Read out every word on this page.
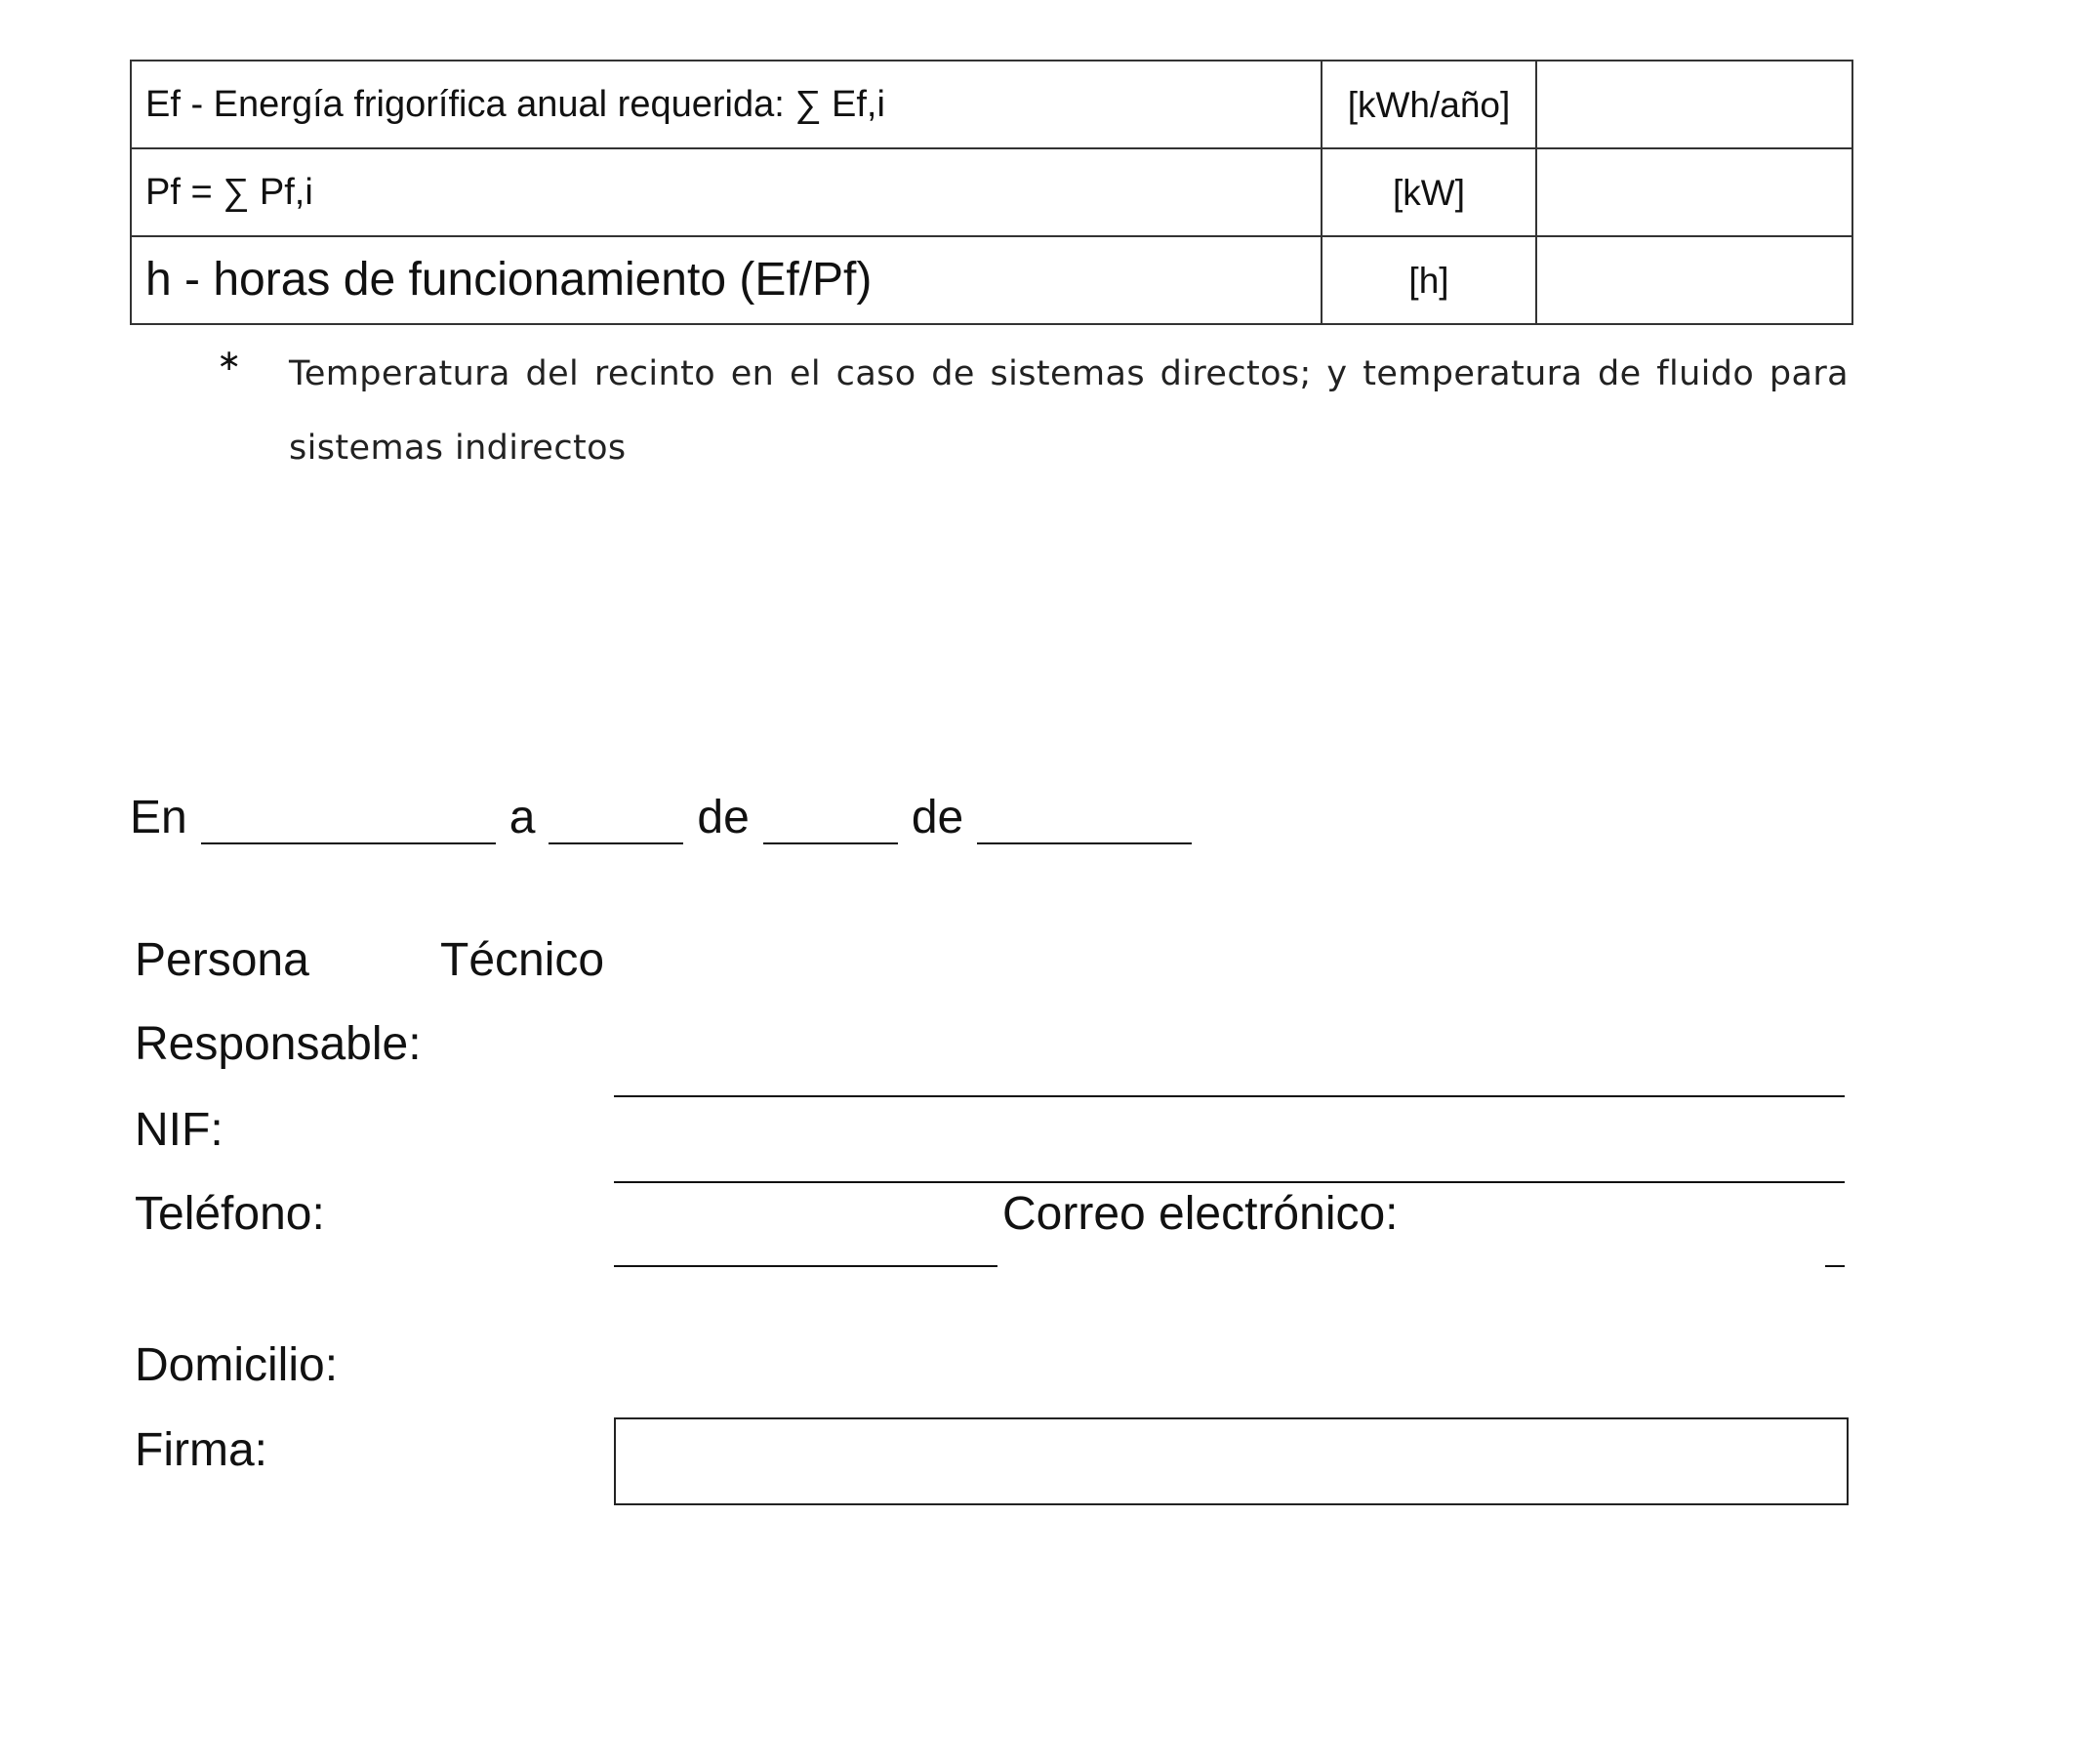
Ef - Energía frigorífica anual requerida: ∑ Ef,i	[kWh/año]	
Pf = ∑ Pf,i	[kW]	
h - horas de funcionamiento (Ef/Pf)	[h]	
∗ Temperatura del recinto en el caso de sistemas directos; y temperatura de fluido para sistemas indirectos
En	a	de	de
Persona	Técnico
Responsable:
NIF:
Teléfono:	Correo electrónico:
Domicilio:
Firma:
